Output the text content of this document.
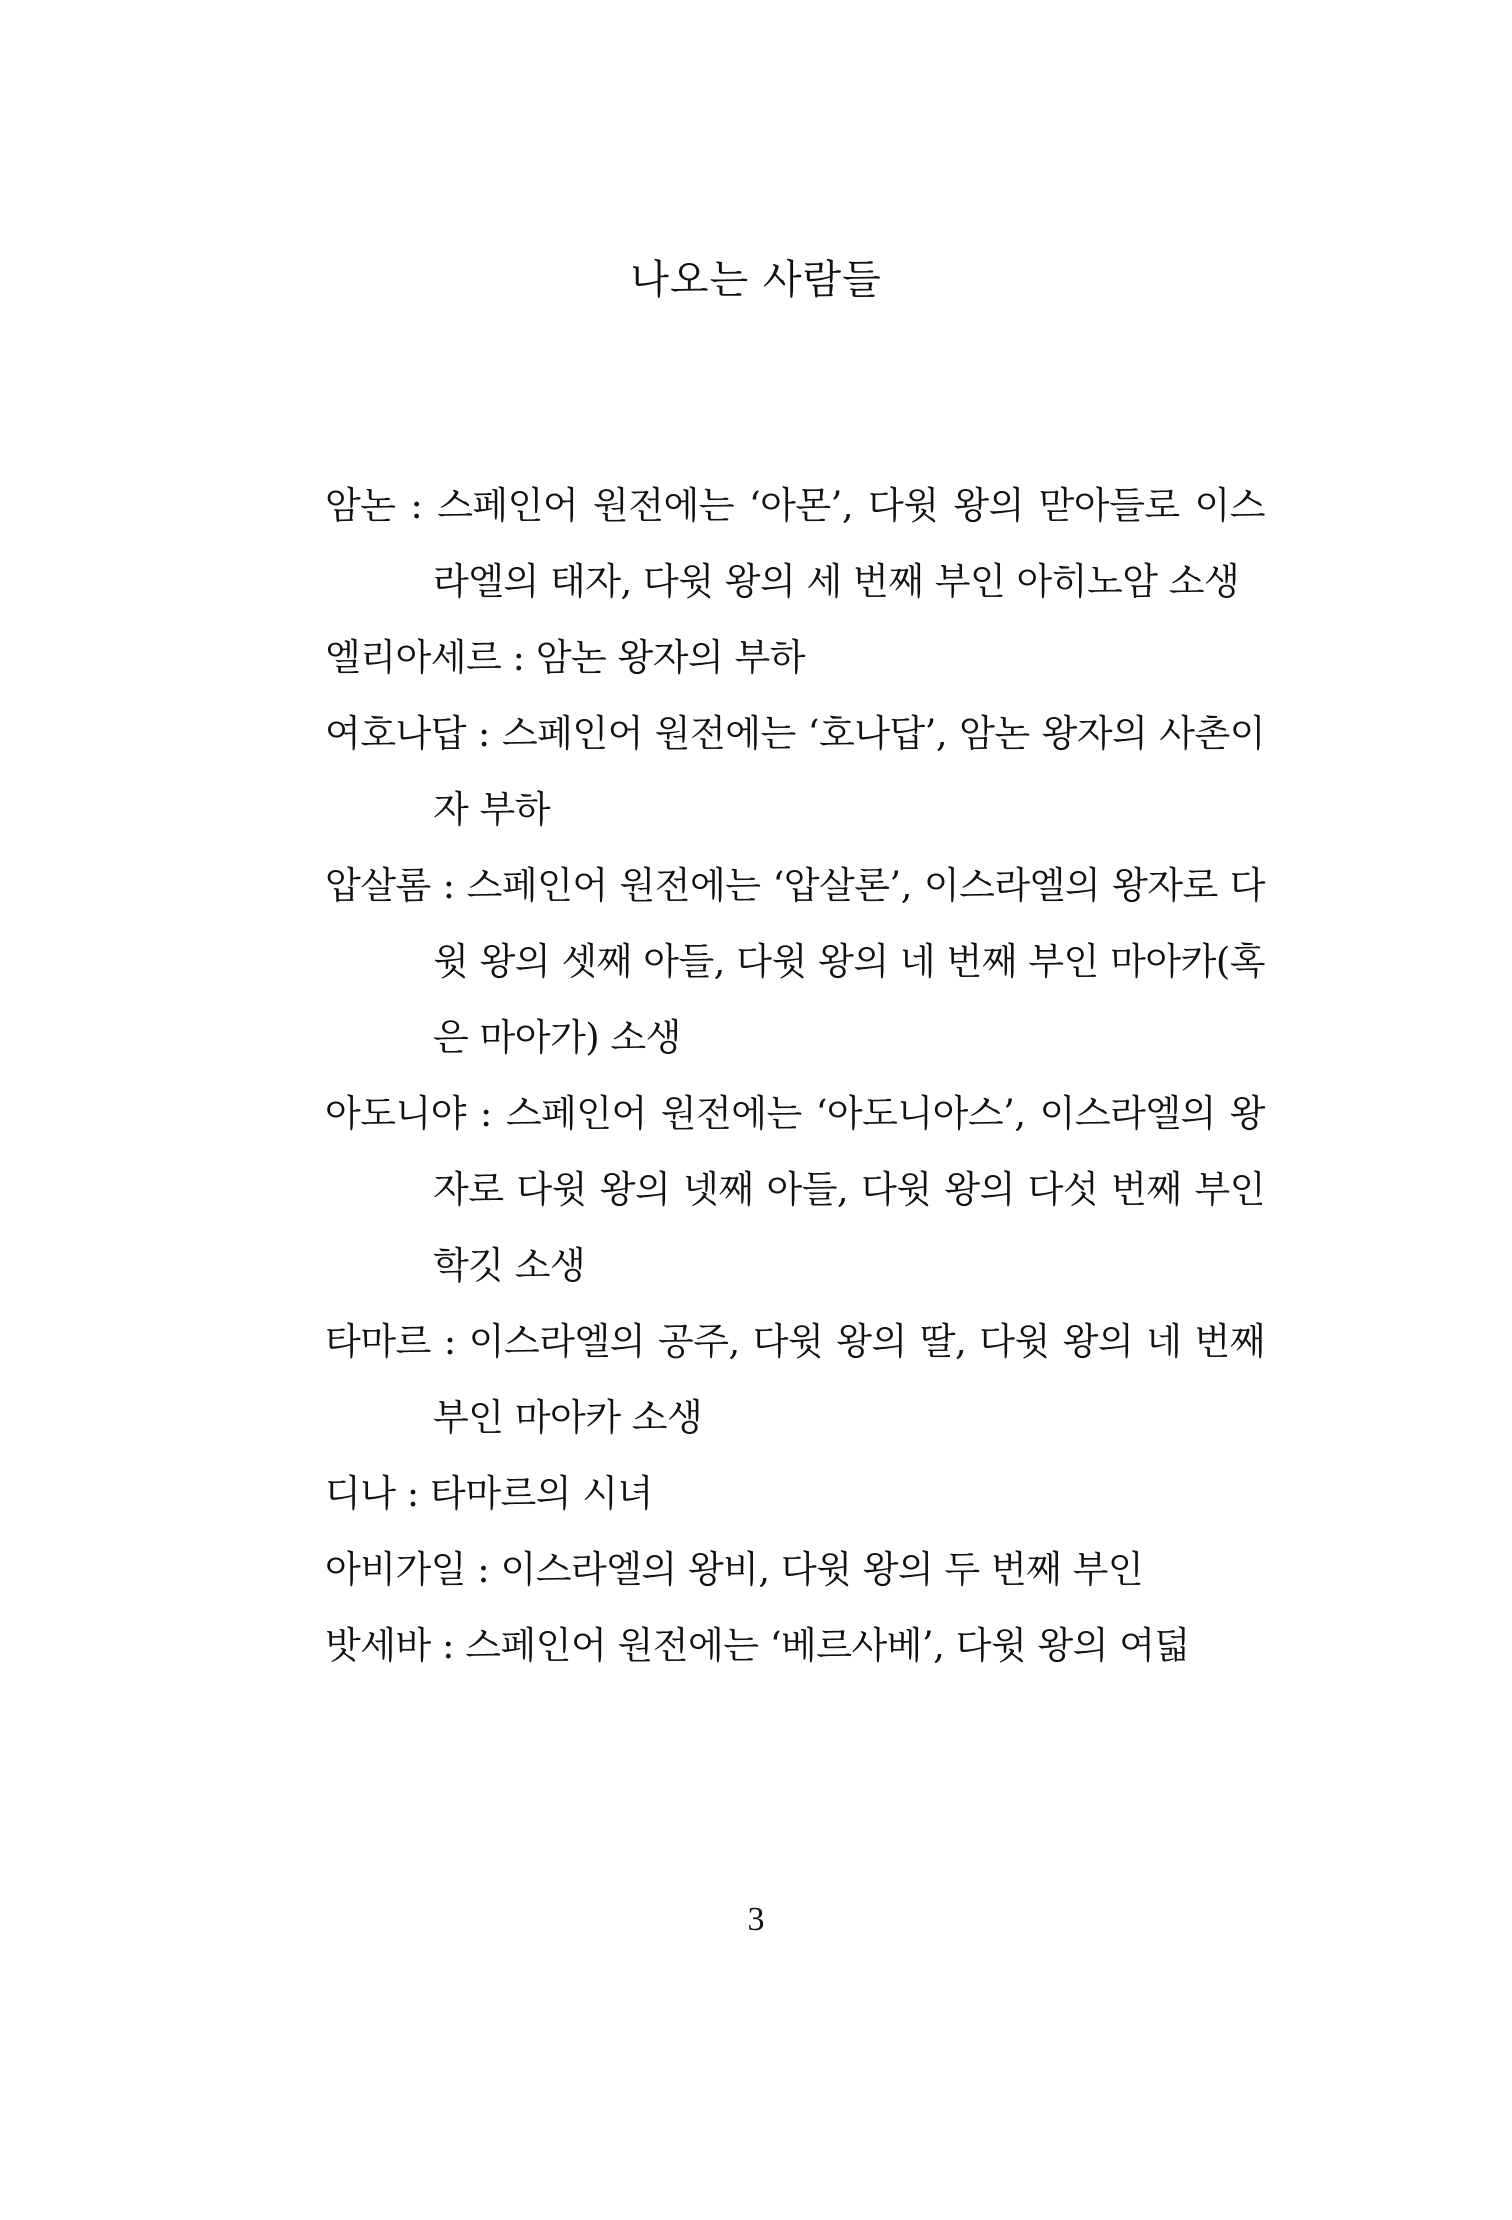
나오는 사람들
암논 : 스페인어 원전에는 ‘아몬’, 다윗 왕의 맏아들로 이스라엘의 태자, 다윗 왕의 세 번째 부인 아히노암 소생
엘리아세르 : 암논 왕자의 부하
여호나답 : 스페인어 원전에는 ‘호나답’, 암논 왕자의 사촌이자 부하
압살롬 : 스페인어 원전에는 ‘압살론’, 이스라엘의 왕자로 다윗 왕의 셋째 아들, 다윗 왕의 네 번째 부인 마아카(혹은 마아가) 소생
아도니야 : 스페인어 원전에는 ‘아도니아스’, 이스라엘의 왕자로 다윗 왕의 넷째 아들, 다윗 왕의 다섯 번째 부인 학깃 소생
타마르 : 이스라엘의 공주, 다윗 왕의 딸, 다윗 왕의 네 번째 부인 마아카 소생
디나 : 타마르의 시녀
아비가일 : 이스라엘의 왕비, 다윗 왕의 두 번째 부인
밧세바 : 스페인어 원전에는 ‘베르사베’, 다윗 왕의 여덟
3
